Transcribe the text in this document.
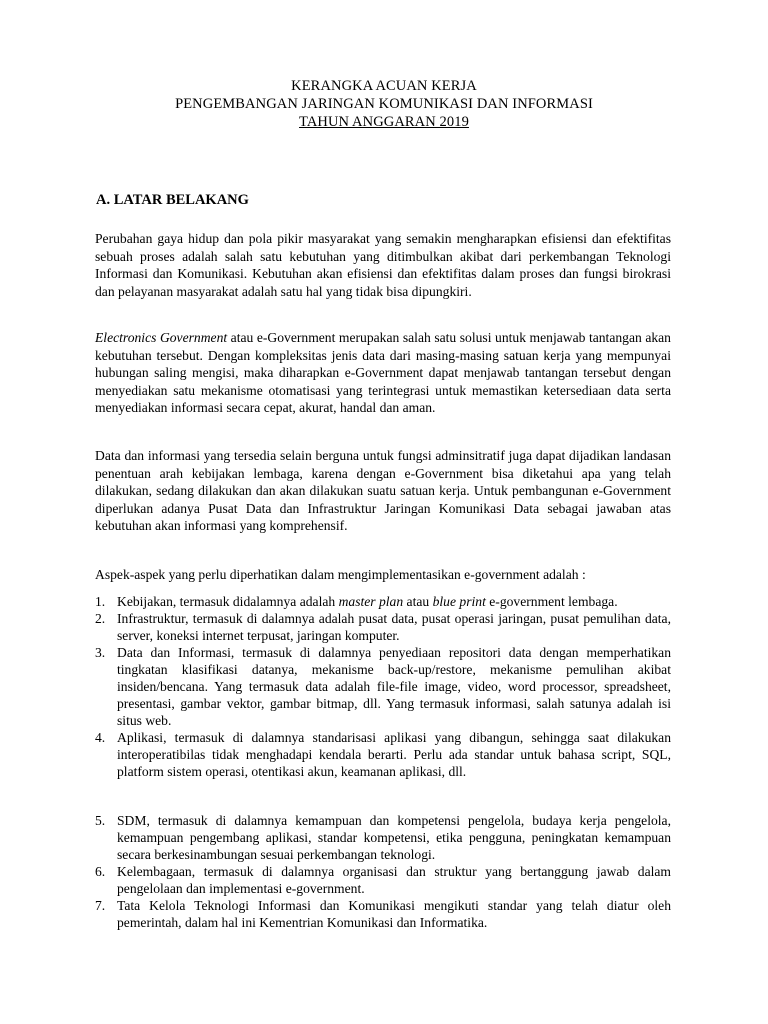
KERANGKA ACUAN KERJA
PENGEMBANGAN JARINGAN KOMUNIKASI DAN INFORMASI
TAHUN ANGGARAN 2019
A. LATAR BELAKANG

Perubahan gaya hidup dan pola pikir masyarakat yang semakin mengharapkan efisiensi dan efektifitas sebuah proses adalah salah satu kebutuhan yang ditimbulkan akibat dari perkembangan Teknologi Informasi dan Komunikasi. Kebutuhan akan efisiensi dan efektifitas dalam proses dan fungsi birokrasi dan pelayanan masyarakat adalah satu hal yang tidak bisa dipungkiri.

Electronics Government atau e-Government merupakan salah satu solusi untuk menjawab tantangan akan kebutuhan tersebut. Dengan kompleksitas jenis data dari masing-masing satuan kerja yang mempunyai hubungan saling mengisi, maka diharapkan e-Government dapat menjawab tantangan tersebut dengan menyediakan satu mekanisme otomatisasi yang terintegrasi untuk memastikan ketersediaan data serta menyediakan informasi secara cepat, akurat, handal dan aman.

Data dan informasi yang tersedia selain berguna untuk fungsi adminsitratif juga dapat dijadikan landasan penentuan arah kebijakan lembaga, karena dengan e-Government bisa diketahui apa yang telah dilakukan, sedang dilakukan dan akan dilakukan suatu satuan kerja. Untuk pembangunan e-Government diperlukan adanya Pusat Data dan Infrastruktur Jaringan Komunikasi Data sebagai jawaban atas kebutuhan akan informasi yang komprehensif.

Aspek-aspek yang perlu diperhatikan dalam mengimplementasikan e-government adalah :

1. Kebijakan, termasuk didalamnya adalah master plan atau blue print e-government lembaga.
2. Infrastruktur, termasuk di dalamnya adalah pusat data, pusat operasi jaringan, pusat pemulihan data, server, koneksi internet terpusat, jaringan komputer.
3. Data dan Informasi, termasuk di dalamnya penyediaan repositori data dengan memperhatikan tingkatan klasifikasi datanya, mekanisme back-up/restore, mekanisme pemulihan akibat insiden/bencana. Yang termasuk data adalah file-file image, video, word processor, spreadsheet, presentasi, gambar vektor, gambar bitmap, dll. Yang termasuk informasi, salah satunya adalah isi situs web.
4. Aplikasi, termasuk di dalamnya standarisasi aplikasi yang dibangun, sehingga saat dilakukan interoperatibilas tidak menghadapi kendala berarti. Perlu ada standar untuk bahasa script, SQL, platform sistem operasi, otentikasi akun, keamanan aplikasi, dll.
5. SDM, termasuk di dalamnya kemampuan dan kompetensi pengelola, budaya kerja pengelola, kemampuan pengembang aplikasi, standar kompetensi, etika pengguna, peningkatan kemampuan secara berkesinambungan sesuai perkembangan teknologi.
6. Kelembagaan, termasuk di dalamnya organisasi dan struktur yang bertanggung jawab dalam pengelolaan dan implementasi e-government.
7. Tata Kelola Teknologi Informasi dan Komunikasi mengikuti standar yang telah diatur oleh pemerintah, dalam hal ini Kementrian Komunikasi dan Informatika.
